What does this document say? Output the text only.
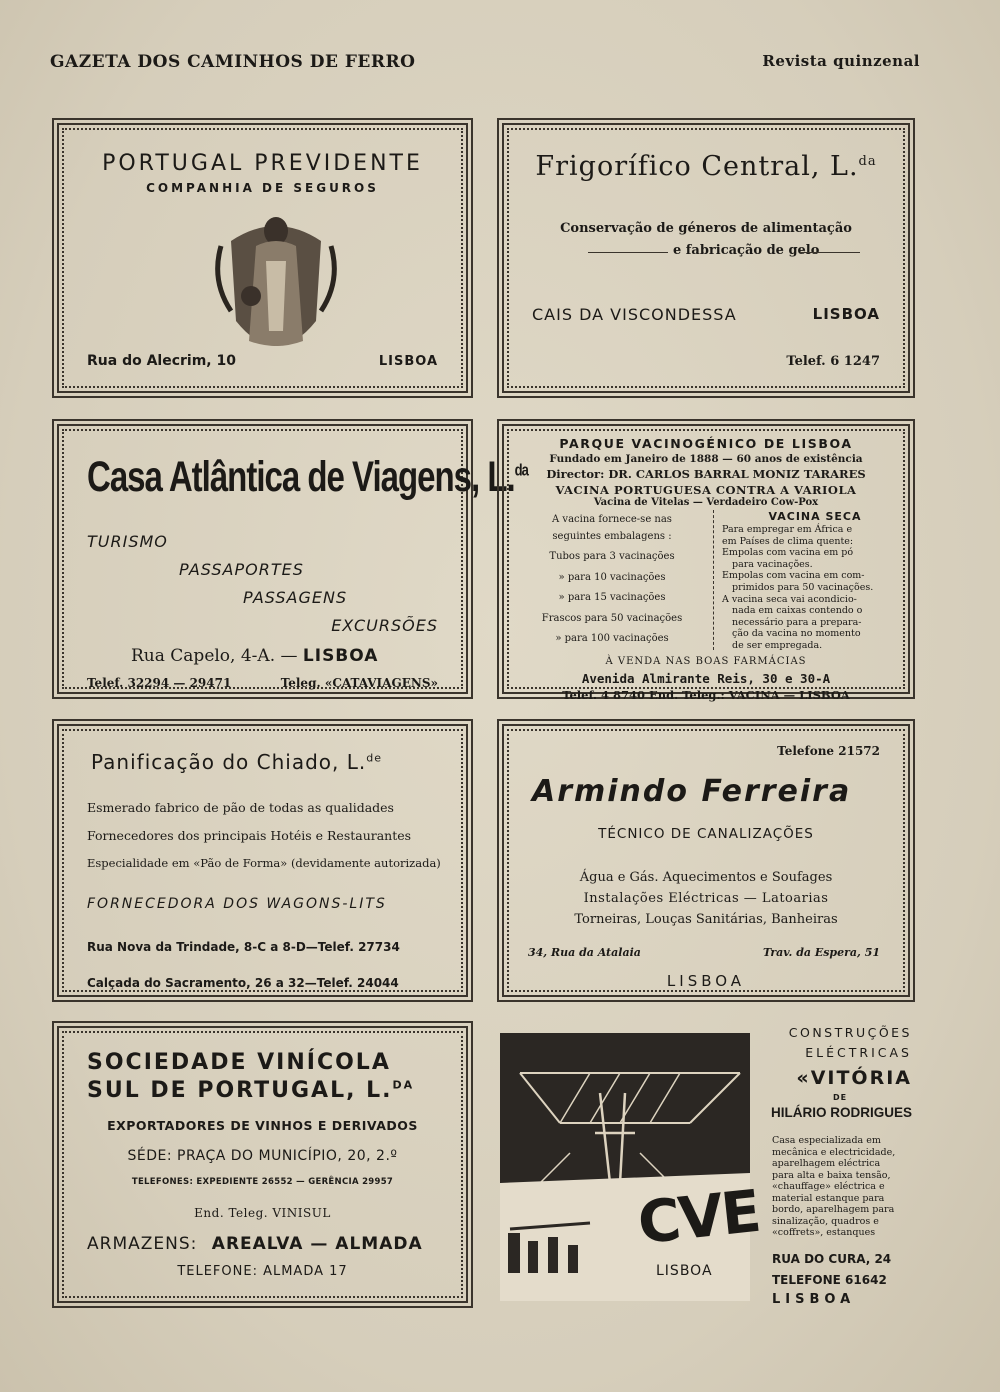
GAZETA DOS CAMINHOS DE FERRO	Revista quinzenal
PORTUGAL PREVIDENTE
COMPANHIA DE SEGUROS
Rua do Alecrim, 10	LISBOA
Frigorífico Central, L.$^{da}$
Conservação de géneros de alimentação
e fabricação de gelo
CAIS DA VISCONDESSA	LISBOA
Telef. 6 1247
Casa Atlântica de Viagens, L.$^{da}$
TURISMO
PASSAPORTES
PASSAGENS
EXCURSÕES
Rua Capelo, 4-A. — LISBOA
Telef. 32294 — 29471	Teleg. «CATAVIAGENS»
PARQUE VACINOGÉNICO DE LISBOA
Fundado em Janeiro de 1888 — 60 anos de existência
Director: DR. CARLOS BARRAL MONIZ TARARES
VACINA PORTUGUESA CONTRA A VARIOLA
Vacina de Vitelas — Verdadeiro Cow-Pox
A vacina fornece-se nas
seguintes embalagens :
Tubos para 3 vacinações
» para 10 vacinações
» para 15 vacinações
Frascos para 50 vacinações
» para 100 vacinações
VACINA SECA
Para empregar em África e
em Países de clima quente:
Empolas com vacina em pó
para vacinações.
Empolas com vacina em com-
primidos para 50 vacinações.
A vacina seca vai acondicio-
nada em caixas contendo o
necessário para a prepara-
ção da vacina no momento
de ser empregada.
À VENDA NAS BOAS FARMÁCIAS
Avenida Almirante Reis, 30 e 30-A
Telef. 4 8740 End. Teleg.: VACINA — LISBOA
Panificação do Chiado, L.$^{de}$
Esmerado fabrico de pão de todas as qualidades
Fornecedores dos principais Hotéis e Restaurantes
Especialidade em «Pão de Forma» (devidamente autorizada)
FORNECEDORA DOS WAGONS-LITS
Rua Nova da Trindade, 8-C a 8-D—Telef. 27734
Calçada do Sacramento, 26 a 32—Telef. 24044
Telefone 21572
Armindo Ferreira
TÉCNICO DE CANALIZAÇÕES
Água e Gás. Aquecimentos e Soufages
Instalações Eléctricas — Latoarias
Torneiras, Louças Sanitárias, Banheiras
34, Rua da Atalaia	Trav. da Espera, 51
LISBOA
SOCIEDADE VINÍCOLA
SUL DE PORTUGAL, L.$^{DA}$
EXPORTADORES DE VINHOS E DERIVADOS
SÉDE: PRAÇA DO MUNICÍPIO, 20, 2.º
TELEFONES: EXPEDIENTE 26552 — GERÊNCIA 29957
End. Teleg. VINISUL
ARMAZENS: AREALVA — ALMADA
TELEFONE: ALMADA 17
CVE
LISBOA
CONSTRUÇÕES
ELÉCTRICAS
«VITÓRIA
DE
HILÁRIO RODRIGUES
Casa especializada em
mecânica e electricidade,
aparelhagem eléctrica
para alta e baixa tensão,
«chauffage» eléctrica e
material estanque para
bordo, aparelhagem para
sinalização, quadros e
«coffrets», estanques
RUA DO CURA, 24
TELEFONE 61642
LISBOA
